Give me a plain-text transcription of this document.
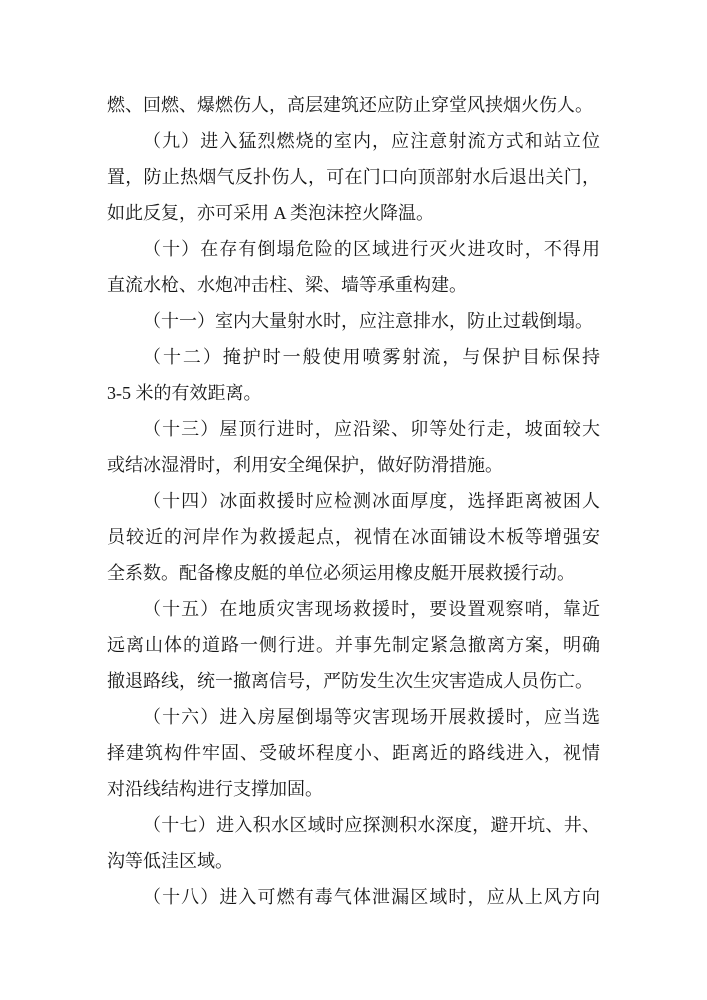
燃、回燃、爆燃伤人，高层建筑还应防止穿堂风挟烟火伤人。
（九）进入猛烈燃烧的室内，应注意射流方式和站立位
置，防止热烟气反扑伤人，可在门口向顶部射水后退出关门，
如此反复，亦可采用 A 类泡沫控火降温。
（十）在存有倒塌危险的区域进行灭火进攻时，不得用
直流水枪、水炮冲击柱、梁、墙等承重构建。
（十一）室内大量射水时，应注意排水，防止过载倒塌。
（十二）掩护时一般使用喷雾射流，与保护目标保持
3-5 米的有效距离。
（十三）屋顶行进时，应沿梁、卯等处行走，坡面较大
或结冰湿滑时，利用安全绳保护，做好防滑措施。
（十四）冰面救援时应检测冰面厚度，选择距离被困人
员较近的河岸作为救援起点，视情在冰面铺设木板等增强安
全系数。配备橡皮艇的单位必须运用橡皮艇开展救援行动。
（十五）在地质灾害现场救援时，要设置观察哨，靠近
远离山体的道路一侧行进。并事先制定紧急撤离方案，明确
撤退路线，统一撤离信号，严防发生次生灾害造成人员伤亡。
（十六）进入房屋倒塌等灾害现场开展救援时，应当选
择建筑构件牢固、受破坏程度小、距离近的路线进入，视情
对沿线结构进行支撑加固。
（十七）进入积水区域时应探测积水深度，避开坑、井、
沟等低洼区域。
（十八）进入可燃有毒气体泄漏区域时，应从上风方向
